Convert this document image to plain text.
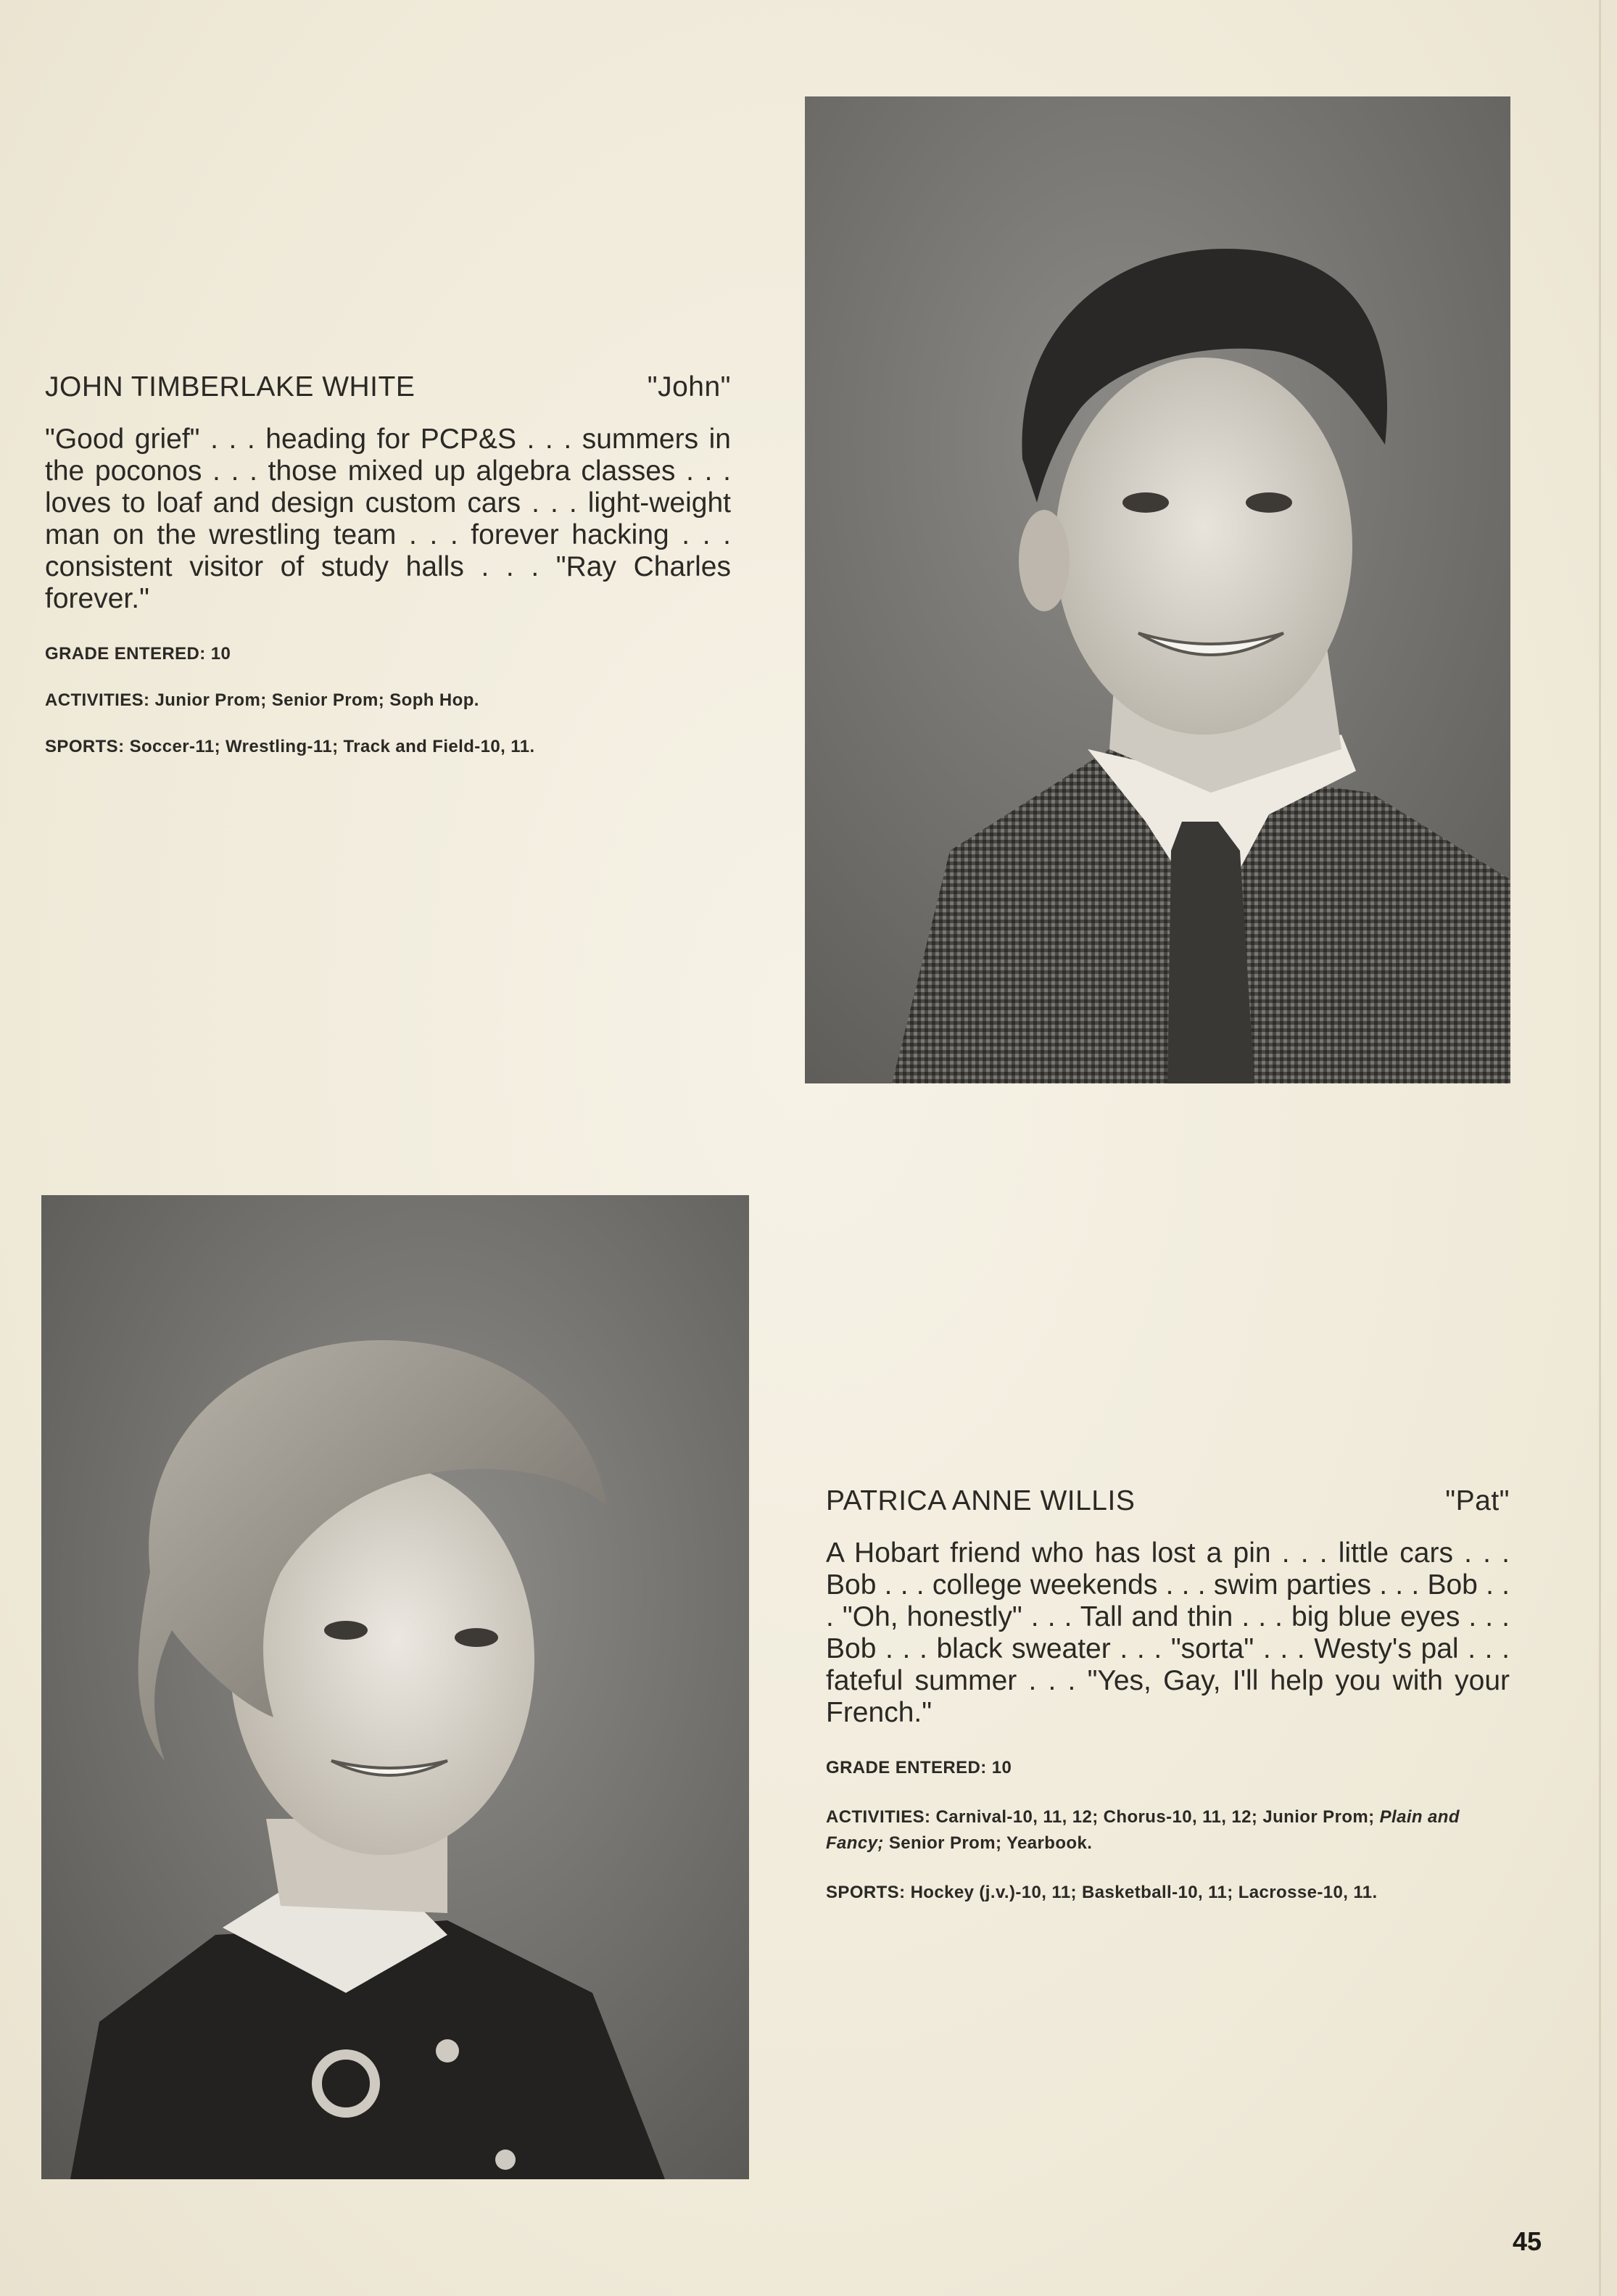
JOHN TIMBERLAKE WHITE	"John"
"Good grief" . . . heading for PCP&S . . . summers in the poconos . . . those mixed up algebra classes . . . loves to loaf and design custom cars . . . light-weight man on the wrestling team . . . forever hacking . . . consistent visitor of study halls . . . "Ray Charles forever."
GRADE ENTERED: 10
ACTIVITIES: Junior Prom; Senior Prom; Soph Hop.
SPORTS: Soccer-11; Wrestling-11; Track and Field-10, 11.
PATRICA ANNE WILLIS	"Pat"
A Hobart friend who has lost a pin . . . little cars . . . Bob . . . college weekends . . . swim parties . . . Bob . . . "Oh, honestly" . . . Tall and thin . . . big blue eyes . . . Bob . . . black sweater . . . "sorta" . . . Westy's pal . . . fateful summer . . . "Yes, Gay, I'll help you with your French."
GRADE ENTERED: 10
ACTIVITIES: Carnival-10, 11, 12; Chorus-10, 11, 12; Junior Prom; Plain and Fancy; Senior Prom; Yearbook.
SPORTS: Hockey (j.v.)-10, 11; Basketball-10, 11; Lacrosse-10, 11.
45
